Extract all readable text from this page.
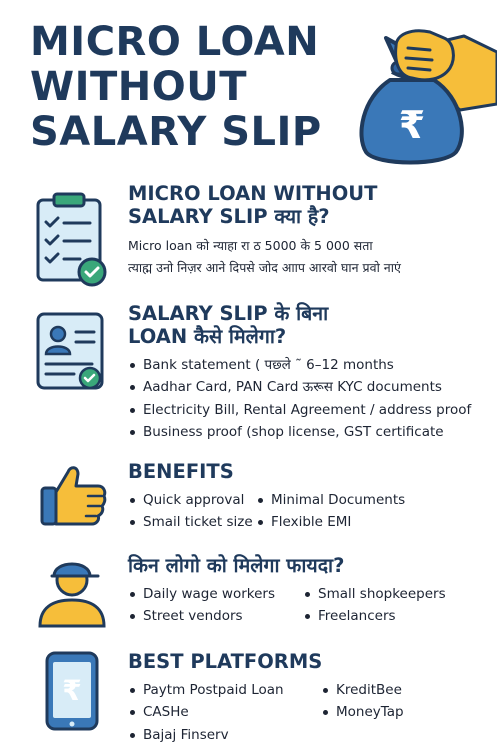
MICRO LOAN
WITHOUT
SALARY SLIP	₹
MICRO LOAN WITHOUT
SALARY SLIP क्या है?
Micro loan को न्याहा रा ठ 5000 के 5 000 सता
त्याह्म उनो निज़र आने दिपसे जोद आाप आरवो घान प्रवो नाएं
SALARY SLIP के बिना
LOAN कैसे मिलेगा?
Bank statement ( पछ्ले ˜ 6–12 months
Aadhar Card, PAN Card ऊरूस KYC documents
Electricity Bill, Rental Agreement / address proof
Business proof (shop license, GST certificate
BENEFITS
Quick approval	Minimal Documents
Smail ticket size	Flexible EMI
किन लोगो को मिलेगा फायदा?
Daily wage workers	Small shopkeepers
Street vendors	Freelancers
₹
BEST PLATFORMS
Paytm Postpaid Loan	KreditBee
CASHe	MoneyTap
Bajaj Finserv
